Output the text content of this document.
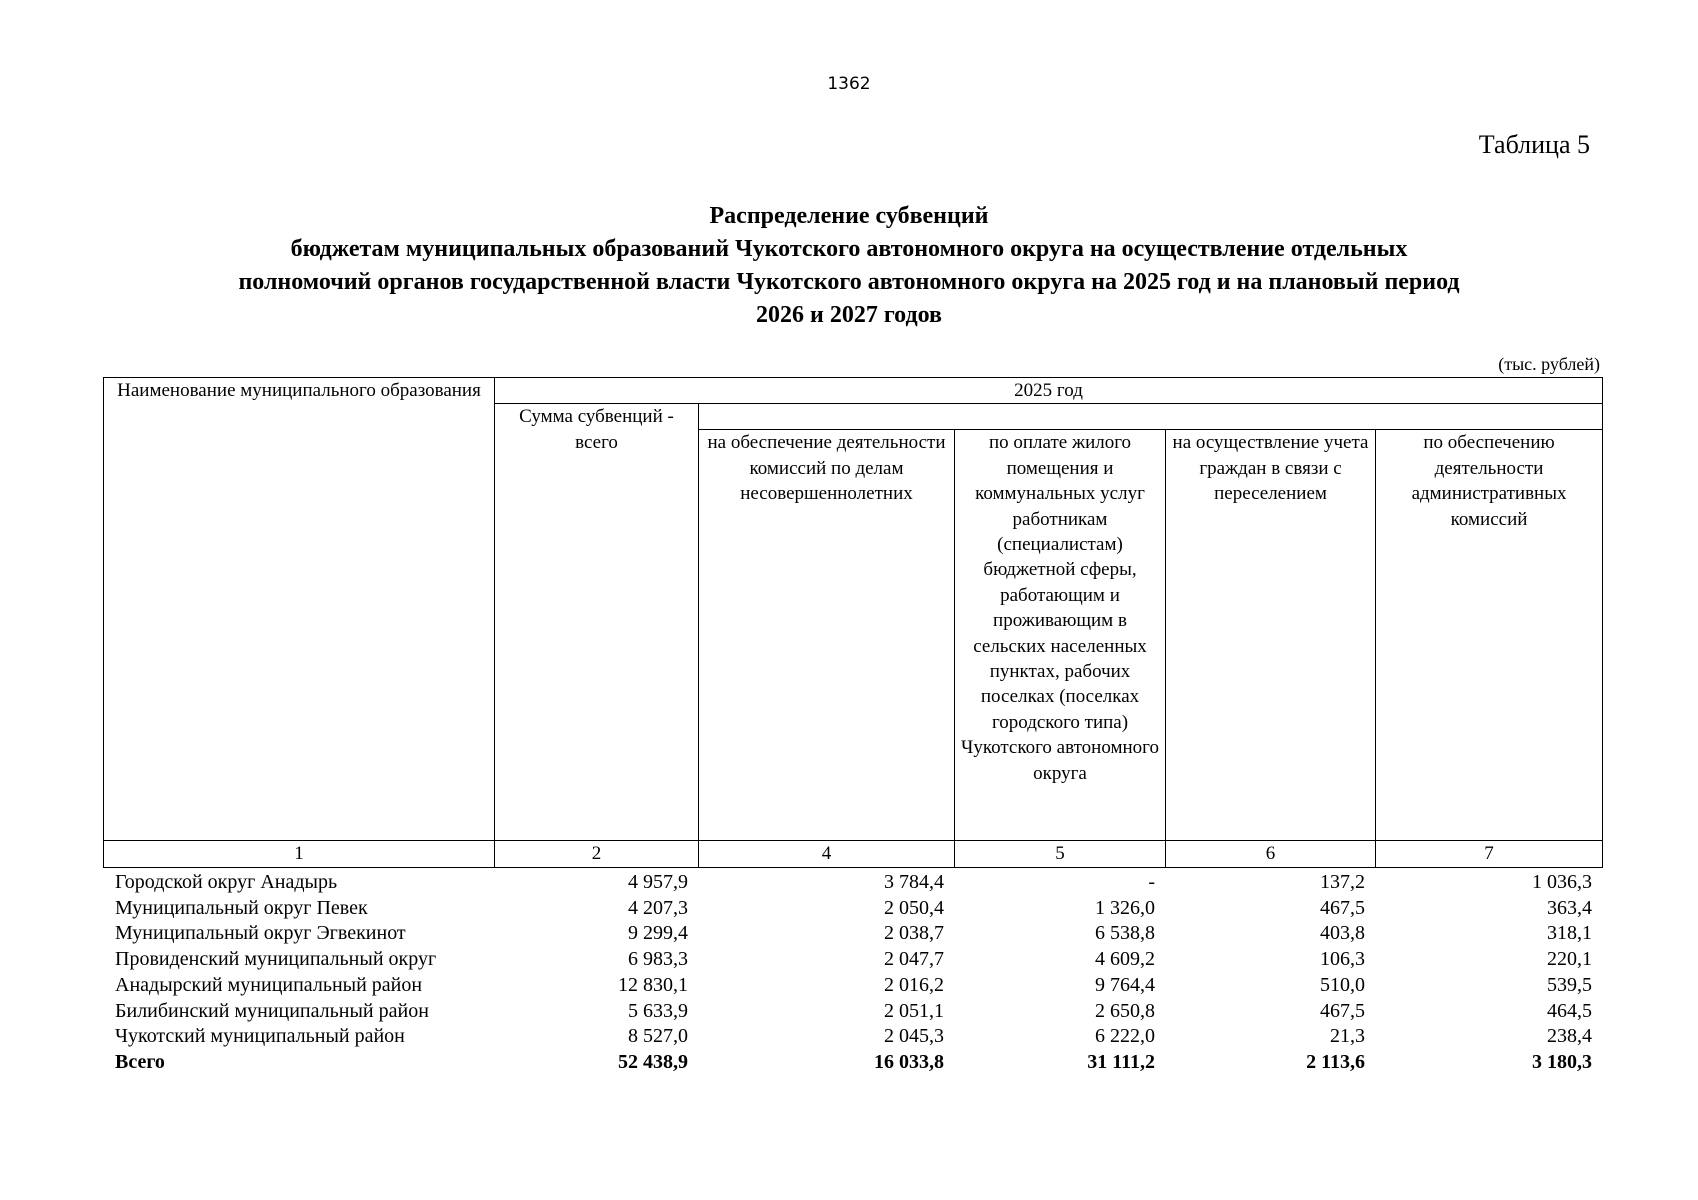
1362
Таблица 5
Распределение субвенций
бюджетам муниципальных образований Чукотского автономного округа на осуществление отдельных
полномочий органов государственной власти Чукотского автономного округа на 2025 год и на плановый период
2026 и 2027 годов
(тыс. рублей)
Наименование муниципального образования	2025 год				
	Сумма субвенций - всего				
		на обеспечение деятельности комиссий по делам несовершеннолетних	по оплате жилого помещения и коммунальных услуг работникам (специалистам) бюджетной сферы, работающим и проживающим в сельских населенных пунктах, рабочих поселках (поселках городского типа) Чукотского автономного округа	на осуществление учета граждан в связи с переселением	по обеспечению деятельности административных комиссий
1	2	4	5	6	7
Городской округ Анадырь	4 957,9	3 784,4	-	137,2	1 036,3
Муниципальный округ Певек	4 207,3	2 050,4	1 326,0	467,5	363,4
Муниципальный округ Эгвекинот	9 299,4	2 038,7	6 538,8	403,8	318,1
Провиденский муниципальный округ	6 983,3	2 047,7	4 609,2	106,3	220,1
Анадырский муниципальный район	12 830,1	2 016,2	9 764,4	510,0	539,5
Билибинский муниципальный район	5 633,9	2 051,1	2 650,8	467,5	464,5
Чукотский муниципальный район	8 527,0	2 045,3	6 222,0	21,3	238,4
Всего	52 438,9	16 033,8	31 111,2	2 113,6	3 180,3
